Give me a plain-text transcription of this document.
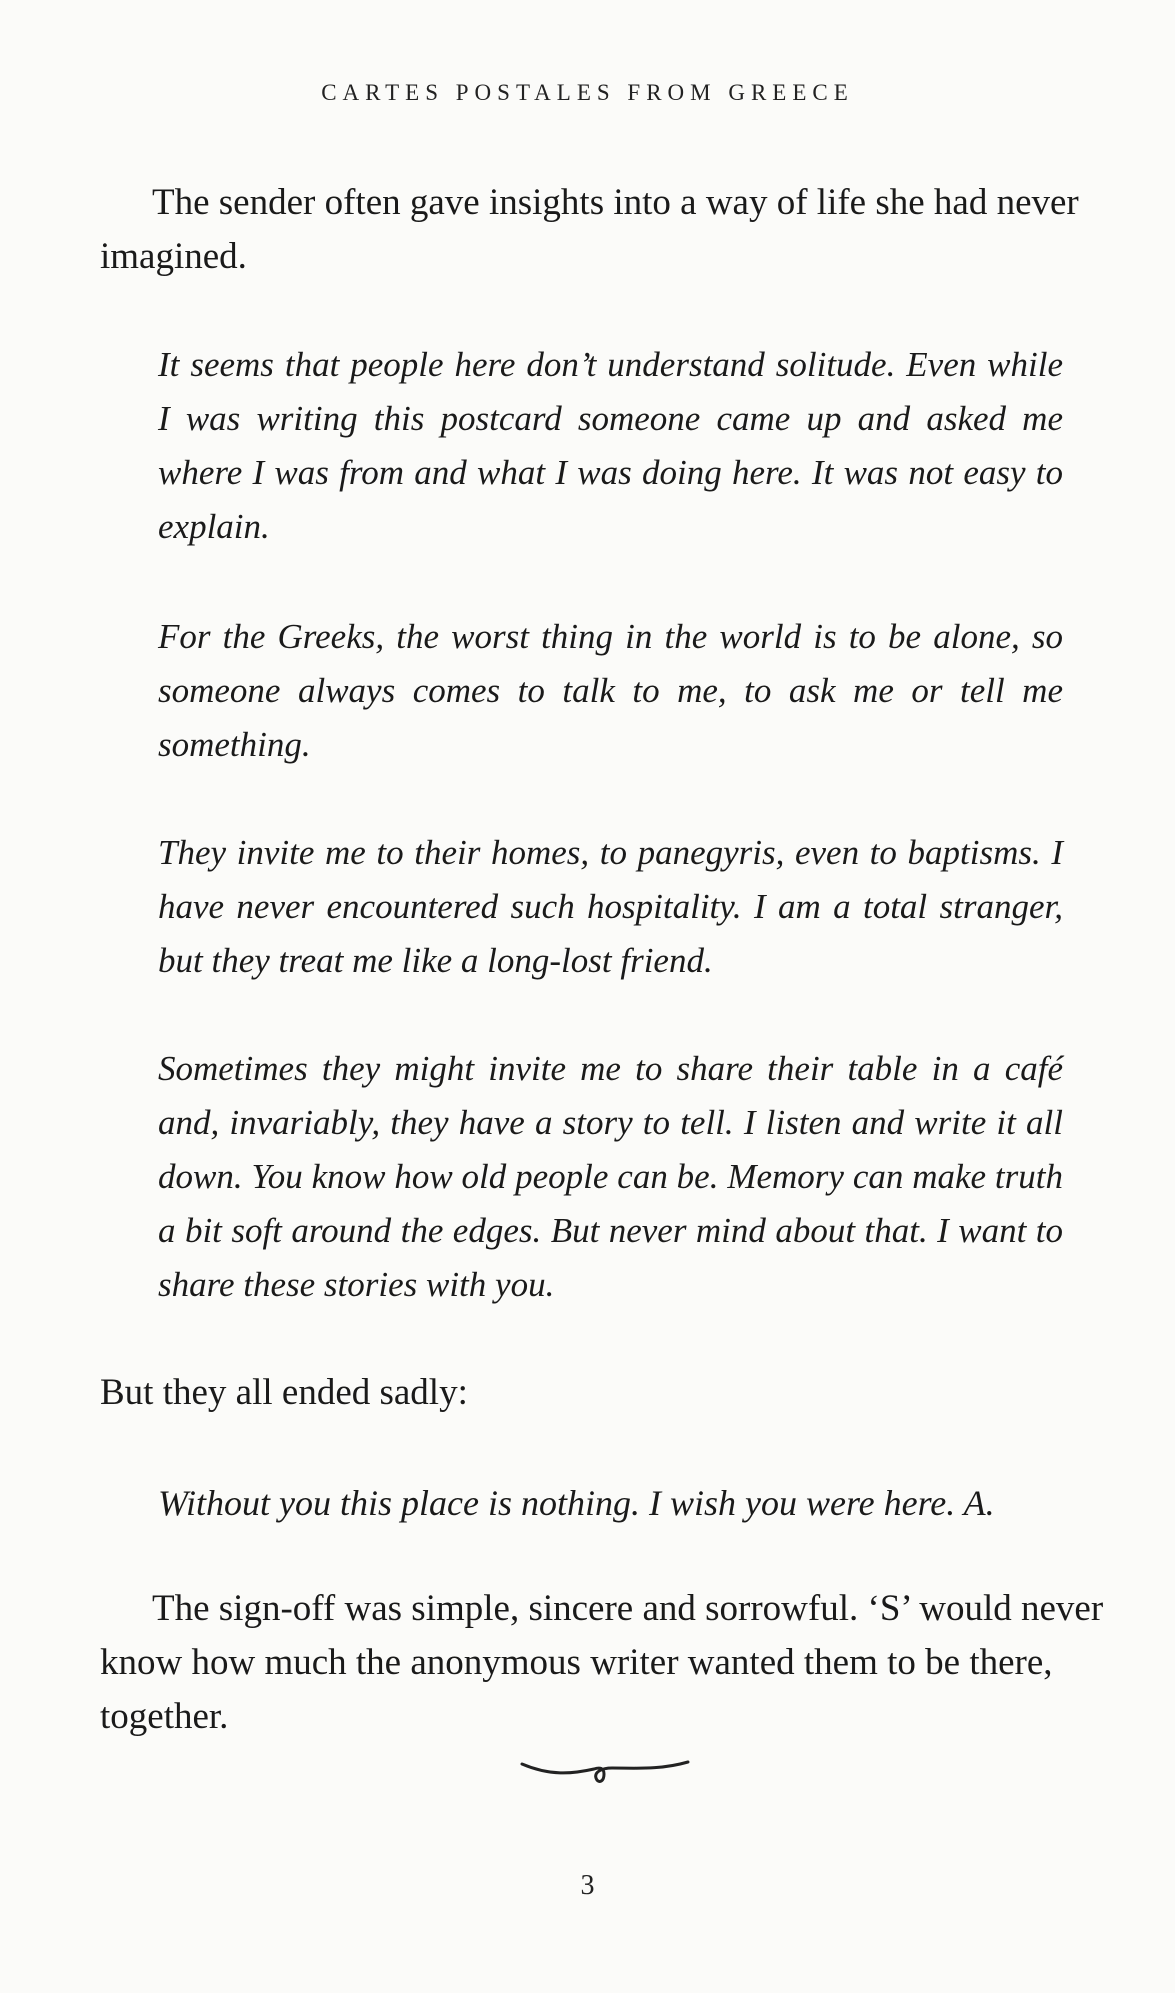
CARTES POSTALES FROM GREECE

The sender often gave insights into a way of life she had never imagined.

It seems that people here don’t understand solitude. Even while I was writing this postcard someone came up and asked me where I was from and what I was doing here. It was not easy to explain.

For the Greeks, the worst thing in the world is to be alone, so someone always comes to talk to me, to ask me or tell me something.

They invite me to their homes, to panegyris, even to baptisms. I have never encountered such hospitality. I am a total stranger, but they treat me like a long-lost friend.

Sometimes they might invite me to share their table in a café and, invariably, they have a story to tell. I listen and write it all down. You know how old people can be. Memory can make truth a bit soft around the edges. But never mind about that. I want to share these stories with you.

But they all ended sadly:

Without you this place is nothing. I wish you were here. A.

The sign-off was simple, sincere and sorrowful. ‘S’ would never know how much the anonymous writer wanted them to be there, together.

3
